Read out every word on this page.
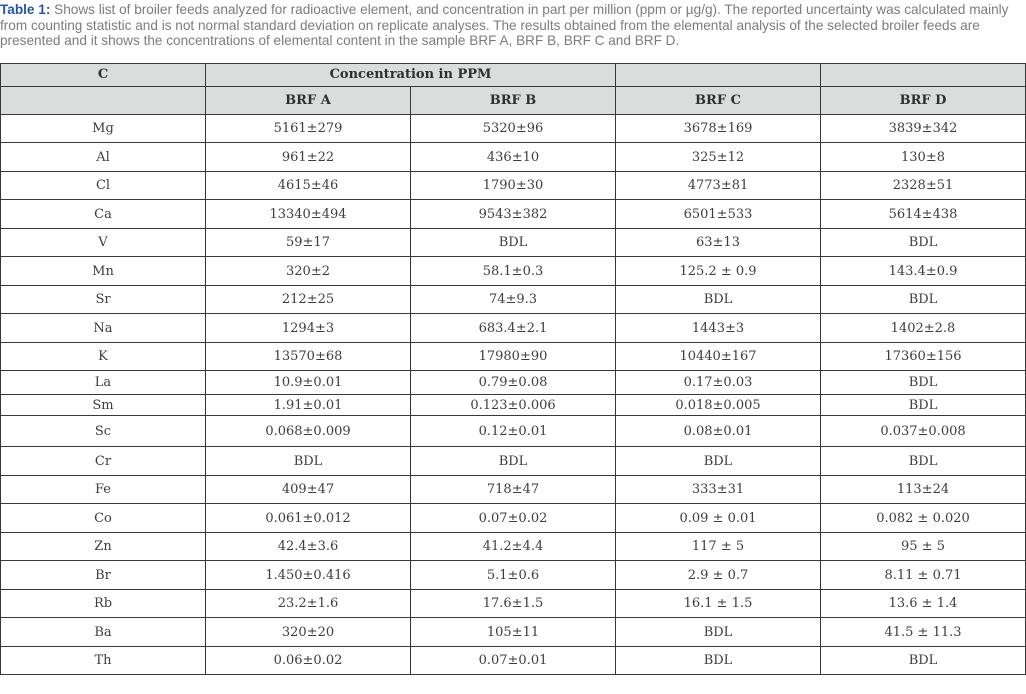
Table 1: Shows list of broiler feeds analyzed for radioactive element, and concentration in part per million (ppm or µg/g). The reported uncertainty was calculated mainly from counting statistic and is not normal standard deviation on replicate analyses. The results obtained from the elemental analysis of the selected broiler feeds are presented and it shows the concentrations of elemental content in the sample BRF A, BRF B, BRF C and BRF D.

C	Concentration in PPM			
	BRF A	BRF B	BRF C	BRF D
Mg	5161±279	5320±96	3678±169	3839±342
Al	961±22	436±10	325±12	130±8
Cl	4615±46	1790±30	4773±81	2328±51
Ca	13340±494	9543±382	6501±533	5614±438
V	59±17	BDL	63±13	BDL
Mn	320±2	58.1±0.3	125.2 ± 0.9	143.4±0.9
Sr	212±25	74±9.3	BDL	BDL
Na	1294±3	683.4±2.1	1443±3	1402±2.8
K	13570±68	17980±90	10440±167	17360±156
La	10.9±0.01	0.79±0.08	0.17±0.03	BDL
Sm	1.91±0.01	0.123±0.006	0.018±0.005	BDL
Sc	0.068±0.009	0.12±0.01	0.08±0.01	0.037±0.008
Cr	BDL	BDL	BDL	BDL
Fe	409±47	718±47	333±31	113±24
Co	0.061±0.012	0.07±0.02	0.09 ± 0.01	0.082 ± 0.020
Zn	42.4±3.6	41.2±4.4	117 ± 5	95 ± 5
Br	1.450±0.416	5.1±0.6	2.9 ± 0.7	8.11 ± 0.71
Rb	23.2±1.6	17.6±1.5	16.1 ± 1.5	13.6 ± 1.4
Ba	320±20	105±11	BDL	41.5 ± 11.3
Th	0.06±0.02	0.07±0.01	BDL	BDL
